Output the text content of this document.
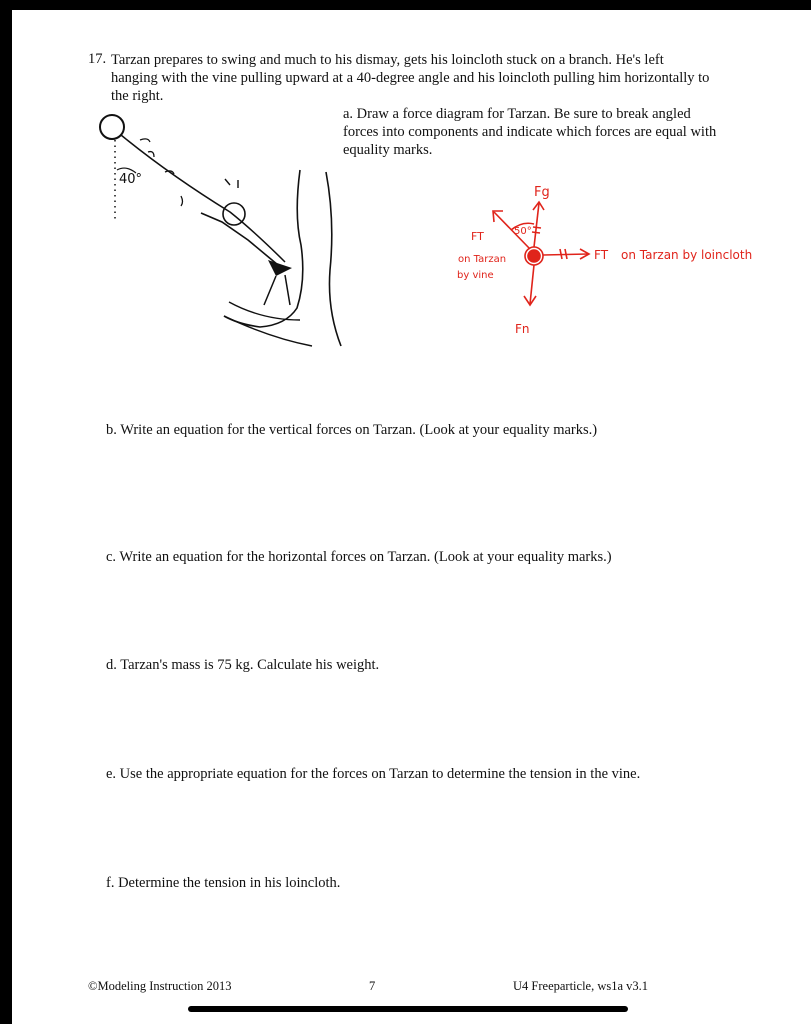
17. Tarzan prepares to swing and much to his dismay, gets his loincloth stuck on a branch. He's left hanging with the vine pulling upward at a 40-degree angle and his loincloth pulling him horizontally to the right.
a. Draw a force diagram for Tarzan. Be sure to break angled forces into components and indicate which forces are equal with equality marks.
40°
Fg
50°
FT
on Tarzan
by vine
FT on Tarzan by loincloth
Fn
b. Write an equation for the vertical forces on Tarzan. (Look at your equality marks.)
c. Write an equation for the horizontal forces on Tarzan. (Look at your equality marks.)
d. Tarzan's mass is 75 kg. Calculate his weight.
e. Use the appropriate equation for the forces on Tarzan to determine the tension in the vine.
f. Determine the tension in his loincloth.
©Modeling Instruction 2013	7	U4 Freeparticle, ws1a v3.1
